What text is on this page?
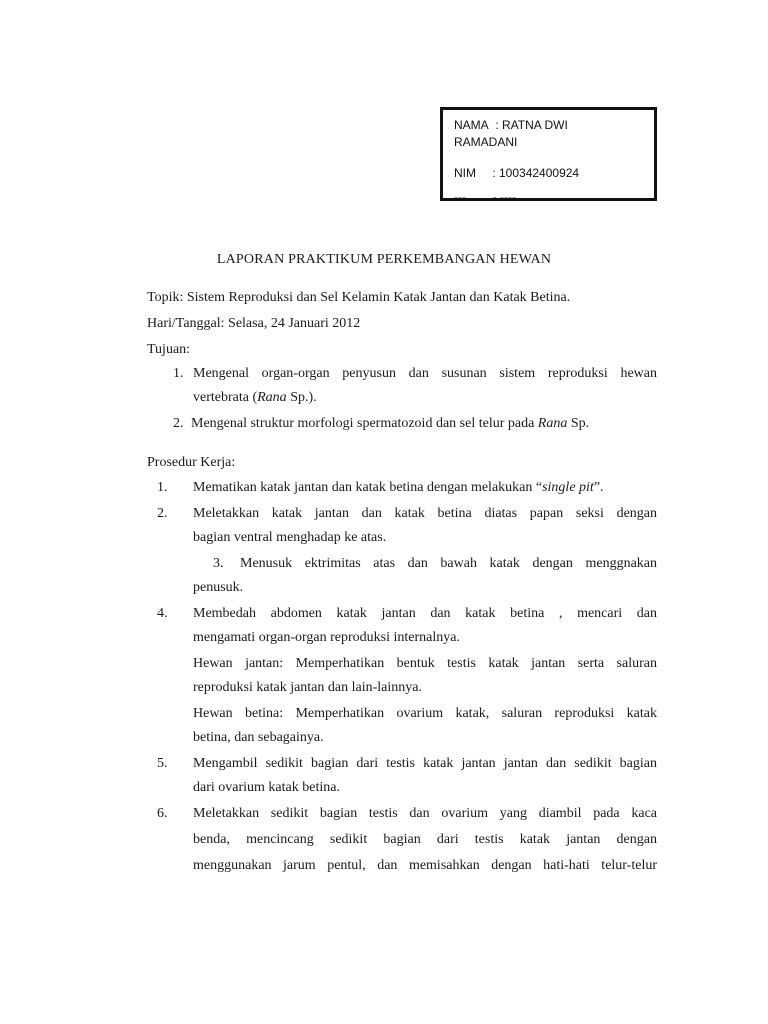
NAMA : RATNA DWI
RAMADANI
NIM : 100342400924
---        - ----
LAPORAN PRAKTIKUM PERKEMBANGAN HEWAN
Topik: Sistem Reproduksi dan Sel Kelamin Katak Jantan dan Katak Betina.
Hari/Tanggal: Selasa, 24 Januari 2012
Tujuan:
1. Mengenal organ-organ penyusun dan susunan sistem reproduksi hewan
vertebrata (Rana Sp.).
2. Mengenal struktur morfologi spermatozoid dan sel telur pada Rana Sp.
Prosedur Kerja:
1. Mematikan katak jantan dan katak betina dengan melakukan “single pit”.
2. Meletakkan katak jantan dan katak betina diatas papan seksi dengan
bagian ventral menghadap ke atas.
3. Menusuk ektrimitas atas dan bawah katak dengan menggnakan
penusuk.
4. Membedah abdomen katak jantan dan katak betina , mencari dan
mengamati organ-organ reproduksi internalnya.
Hewan jantan: Memperhatikan bentuk testis katak jantan serta saluran
reproduksi katak jantan dan lain-lainnya.
Hewan betina: Memperhatikan ovarium katak, saluran reproduksi katak
betina, dan sebagainya.
5. Mengambil sedikit bagian dari testis katak jantan jantan dan sedikit bagian
dari ovarium katak betina.
6. Meletakkan sedikit bagian testis dan ovarium yang diambil pada kaca
benda, mencincang sedikit bagian dari testis katak jantan dengan
menggunakan jarum pentul, dan memisahkan dengan hati-hati telur-telur
